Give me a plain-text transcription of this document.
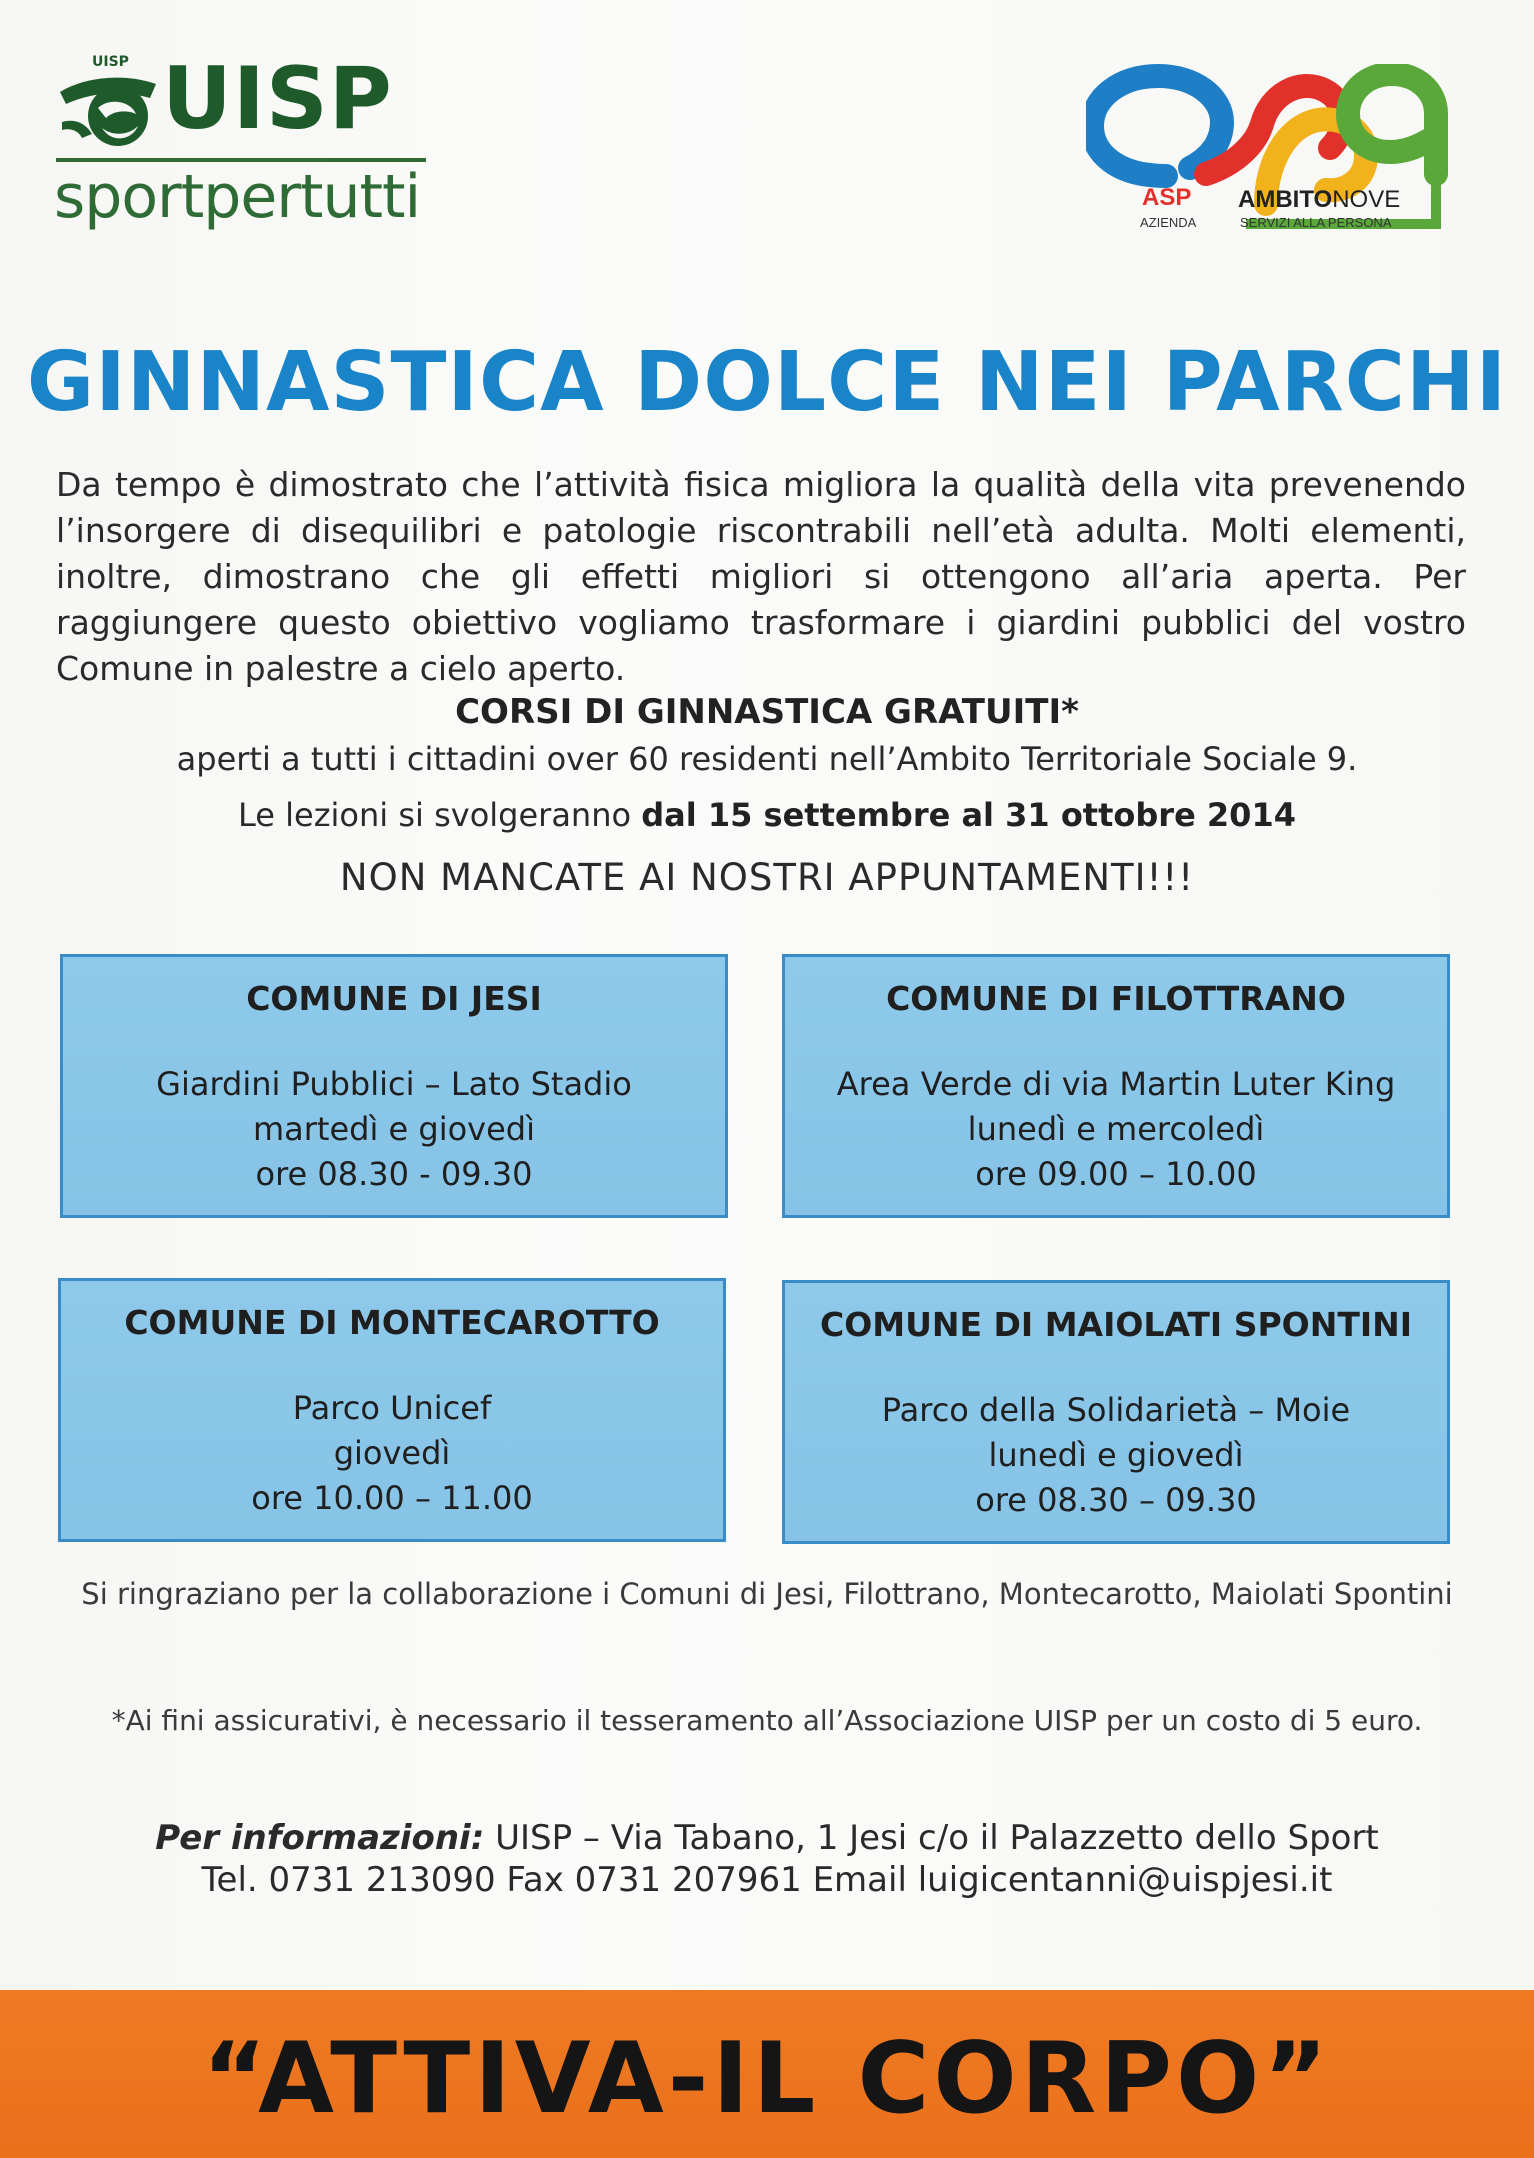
UISP UISP
sportpertutti	ASP
AZIENDA
AMBITONOVE
SERVIZI ALLA PERSONA
GINNASTICA DOLCE NEI PARCHI
Da tempo è dimostrato che l’attività fisica migliora la qualità della vita prevenendo l’insorgere di disequilibri e patologie riscontrabili nell’età adulta. Molti elementi, inoltre, dimostrano che gli effetti migliori si ottengono all’aria aperta. Per raggiungere questo obiettivo vogliamo trasformare i giardini pubblici del vostro Comune in palestre a cielo aperto.
CORSI DI GINNASTICA GRATUITI*
aperti a tutti i cittadini over 60 residenti nell’Ambito Territoriale Sociale 9.
Le lezioni si svolgeranno dal 15 settembre al 31 ottobre 2014
NON MANCATE AI NOSTRI APPUNTAMENTI!!!
COMUNE DI JESI
Giardini Pubblici – Lato Stadio
martedì e giovedì
ore 08.30 - 09.30
COMUNE DI FILOTTRANO
Area Verde di via Martin Luter King
lunedì e mercoledì
ore 09.00 – 10.00
COMUNE DI MONTECAROTTO
Parco Unicef
giovedì
ore 10.00 – 11.00
COMUNE DI MAIOLATI SPONTINI
Parco della Solidarietà – Moie
lunedì e giovedì
ore 08.30 – 09.30
Si ringraziano per la collaborazione i Comuni di Jesi, Filottrano, Montecarotto, Maiolati Spontini
*Ai fini assicurativi, è necessario il tesseramento all’Associazione UISP per un costo di 5 euro.
Per informazioni: UISP – Via Tabano, 1 Jesi c/o il Palazzetto dello Sport
Tel. 0731 213090 Fax 0731 207961 Email luigicentanni@uispjesi.it
“ATTIVA-IL CORPO”
